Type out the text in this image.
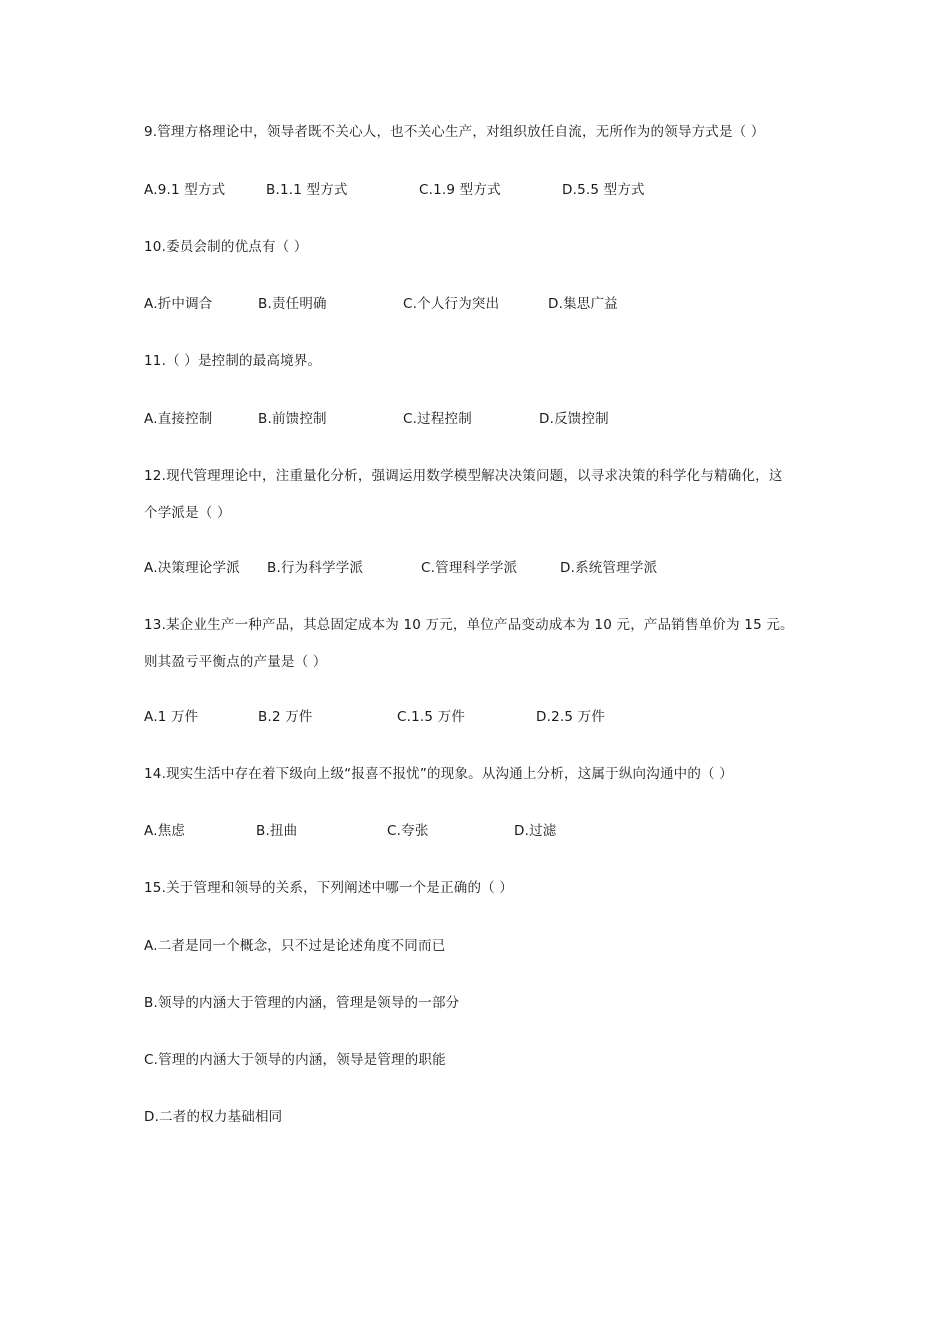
9.管理方格理论中，领导者既不关心人，也不关心生产，对组织放任自流，无所作为的领导方式是（ ）
A.9.1 型方式	B.1.1 型方式	C.1.9 型方式	D.5.5 型方式
10.委员会制的优点有（ ）
A.折中调合	B.责任明确	C.个人行为突出	D.集思广益
11.（ ）是控制的最高境界。
A.直接控制	B.前馈控制	C.过程控制	D.反馈控制
12.现代管理理论中，注重量化分析，强调运用数学模型解决决策问题，以寻求决策的科学化与精确化，这
个学派是（ ）
A.决策理论学派 B.行为科学学派	C.管理科学学派	D.系统管理学派
13.某企业生产一种产品，其总固定成本为 10 万元，单位产品变动成本为 10 元，产品销售单价为 15 元。
则其盈亏平衡点的产量是（ ）
A.1 万件	B.2 万件	C.1.5 万件	D.2.5 万件
14.现实生活中存在着下级向上级“报喜不报忧”的现象。从沟通上分析，这属于纵向沟通中的（ ）
A.焦虑	B.扭曲	C.夸张	D.过滤
15.关于管理和领导的关系，下列阐述中哪一个是正确的（ ）
A.二者是同一个概念，只不过是论述角度不同而已
B.领导的内涵大于管理的内涵，管理是领导的一部分
C.管理的内涵大于领导的内涵，领导是管理的职能
D.二者的权力基础相同
